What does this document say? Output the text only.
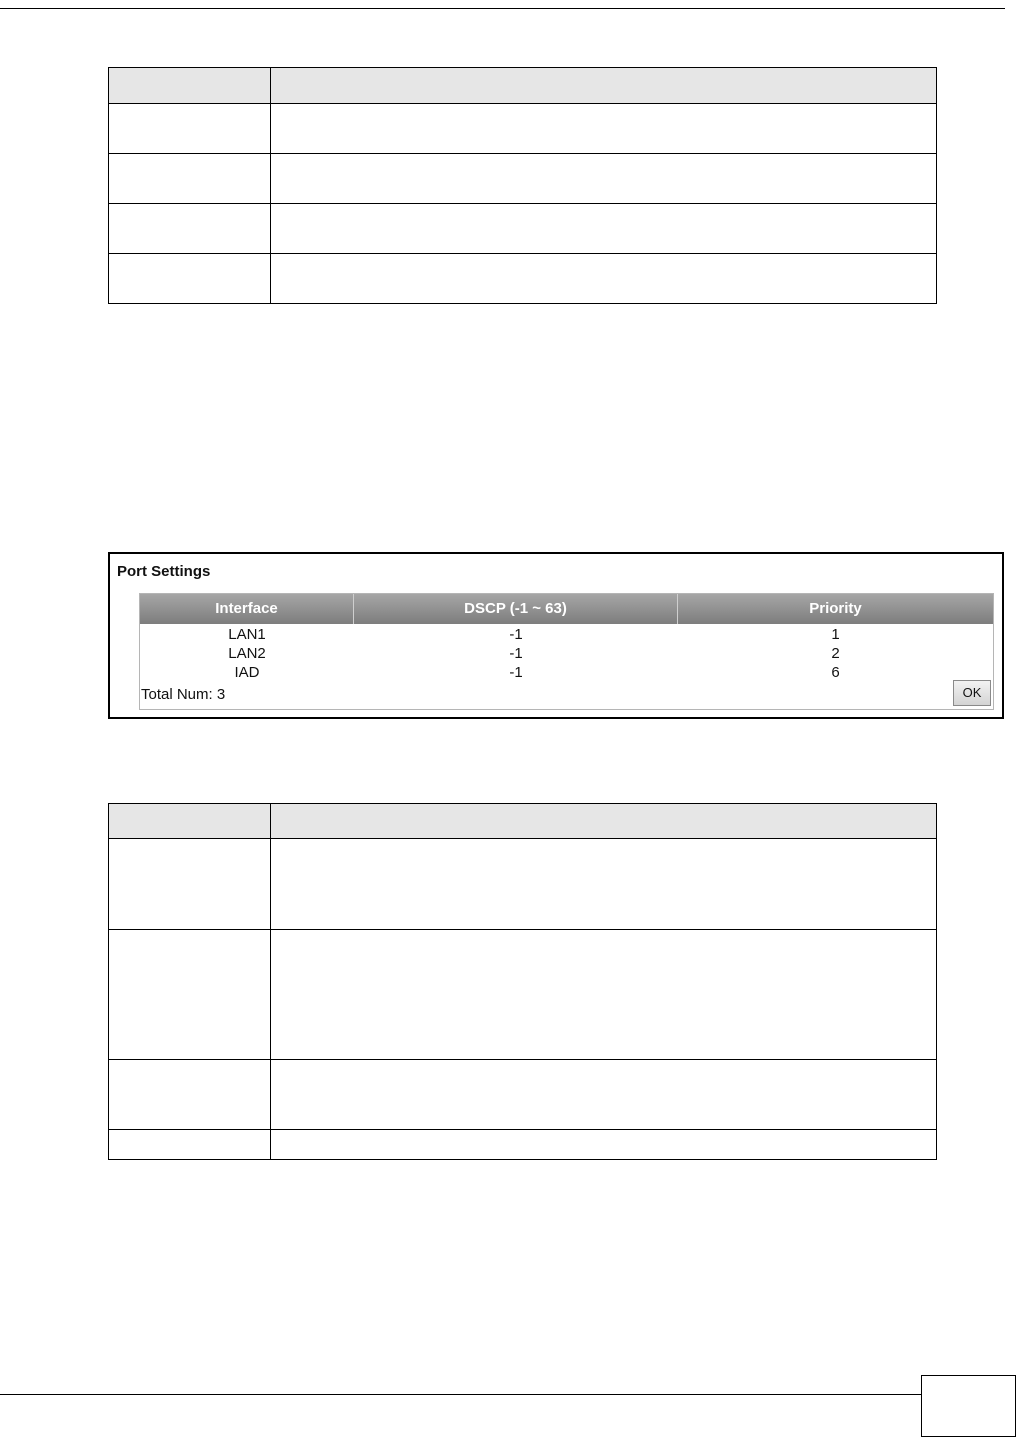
Port Settings
Interface	DSCP (-1 ~ 63)	Priority
LAN1	-1	1
LAN2	-1	2
IAD	-1	6
Total Num: 3	OK
